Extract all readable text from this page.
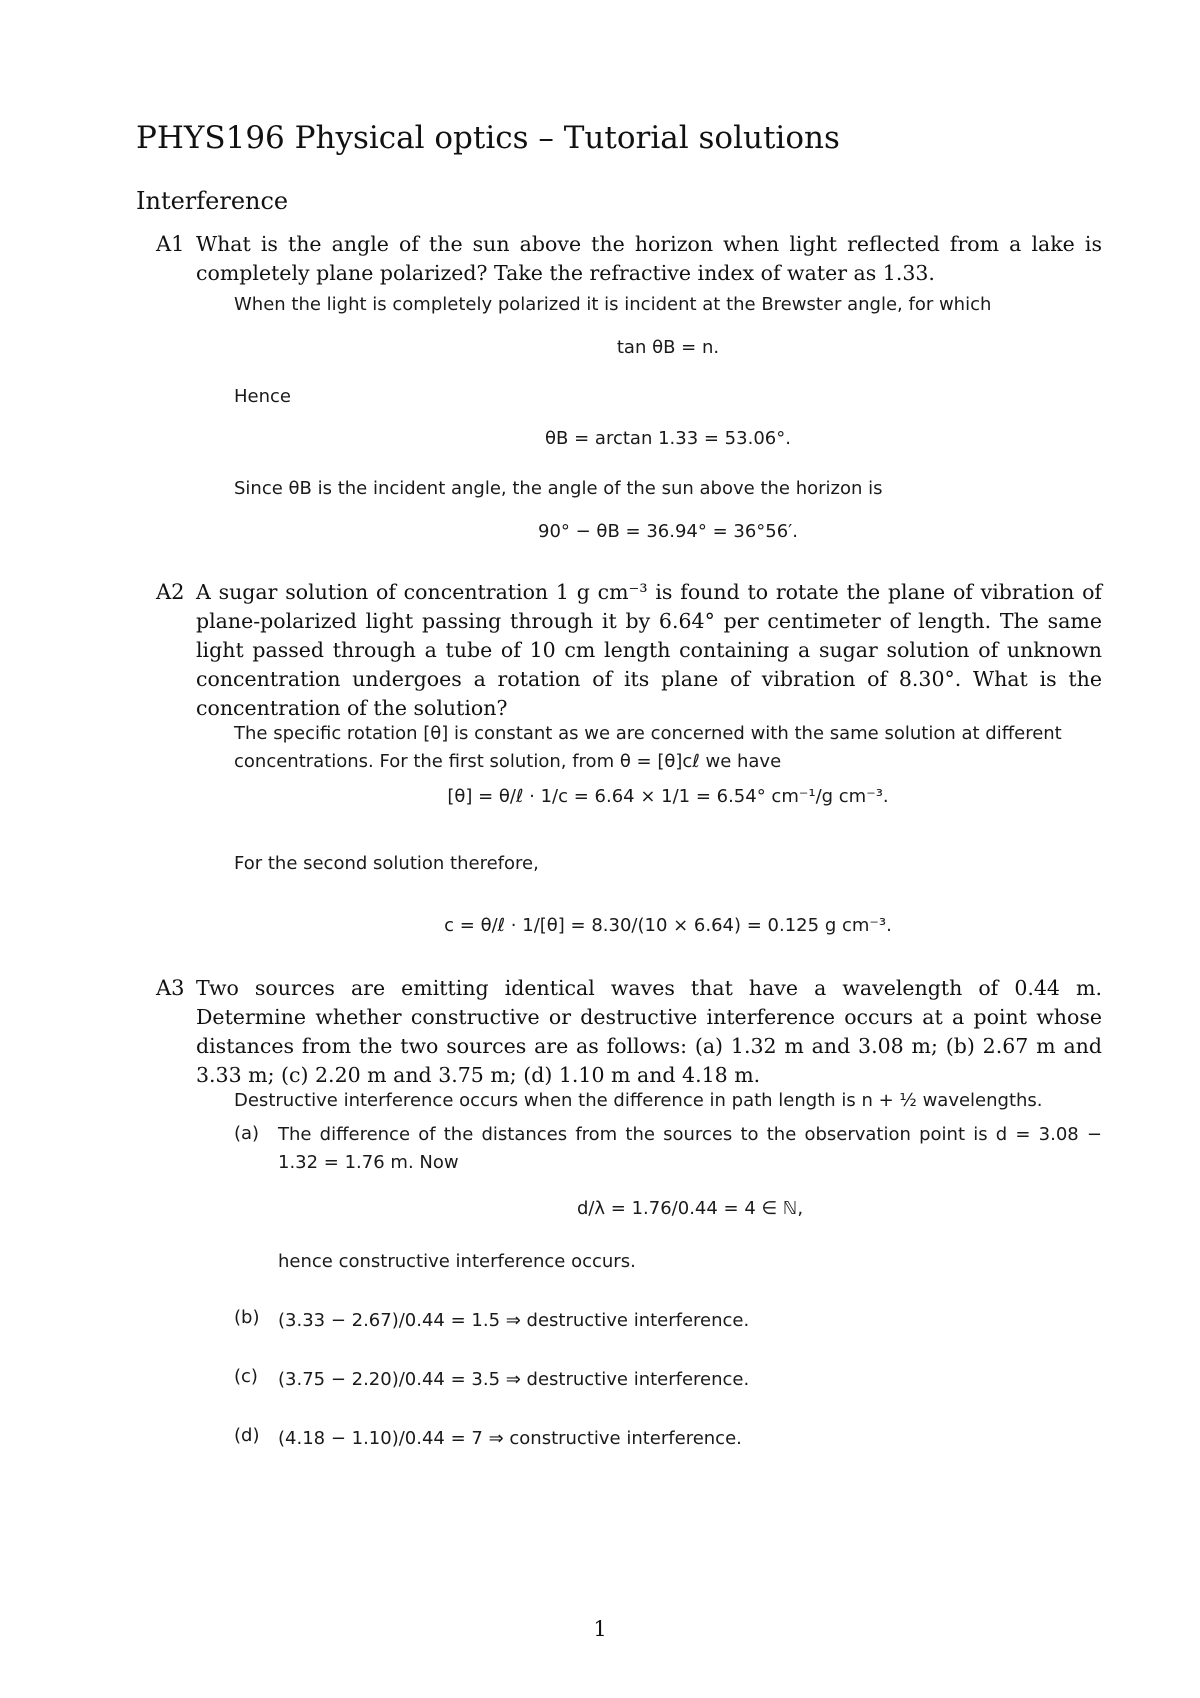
PHYS196 Physical optics – Tutorial solutions
Interference
A1 What is the angle of the sun above the horizon when light reflected from a lake is completely plane polarized? Take the refractive index of water as 1.33.
When the light is completely polarized it is incident at the Brewster angle, for which
tan θB = n.
Hence
θB = arctan 1.33 = 53.06°.
Since θB is the incident angle, the angle of the sun above the horizon is
90° − θB = 36.94° = 36°56′.
A2 A sugar solution of concentration 1 g cm⁻³ is found to rotate the plane of vibration of plane-polarized light passing through it by 6.64° per centimeter of length. The same light passed through a tube of 10 cm length containing a sugar solution of unknown concentration undergoes a rotation of its plane of vibration of 8.30°. What is the concentration of the solution?
The specific rotation [θ] is constant as we are concerned with the same solution at different concentrations. For the first solution, from θ = [θ]cℓ we have
[θ] = θ/ℓ · 1/c = 6.64 × 1/1 = 6.54° cm⁻¹/g cm⁻³.
For the second solution therefore,
c = θ/ℓ · 1/[θ] = 8.30/(10 × 6.64) = 0.125 g cm⁻³.
A3 Two sources are emitting identical waves that have a wavelength of 0.44 m. Determine whether constructive or destructive interference occurs at a point whose distances from the two sources are as follows: (a) 1.32 m and 3.08 m; (b) 2.67 m and 3.33 m; (c) 2.20 m and 3.75 m; (d) 1.10 m and 4.18 m.
Destructive interference occurs when the difference in path length is n + ½ wavelengths.
(a) The difference of the distances from the sources to the observation point is d = 3.08 − 1.32 = 1.76 m. Now
d/λ = 1.76/0.44 = 4 ∈ ℕ,
hence constructive interference occurs.
(b) (3.33 − 2.67)/0.44 = 1.5 ⇒ destructive interference.
(c) (3.75 − 2.20)/0.44 = 3.5 ⇒ destructive interference.
(d) (4.18 − 1.10)/0.44 = 7 ⇒ constructive interference.
1
